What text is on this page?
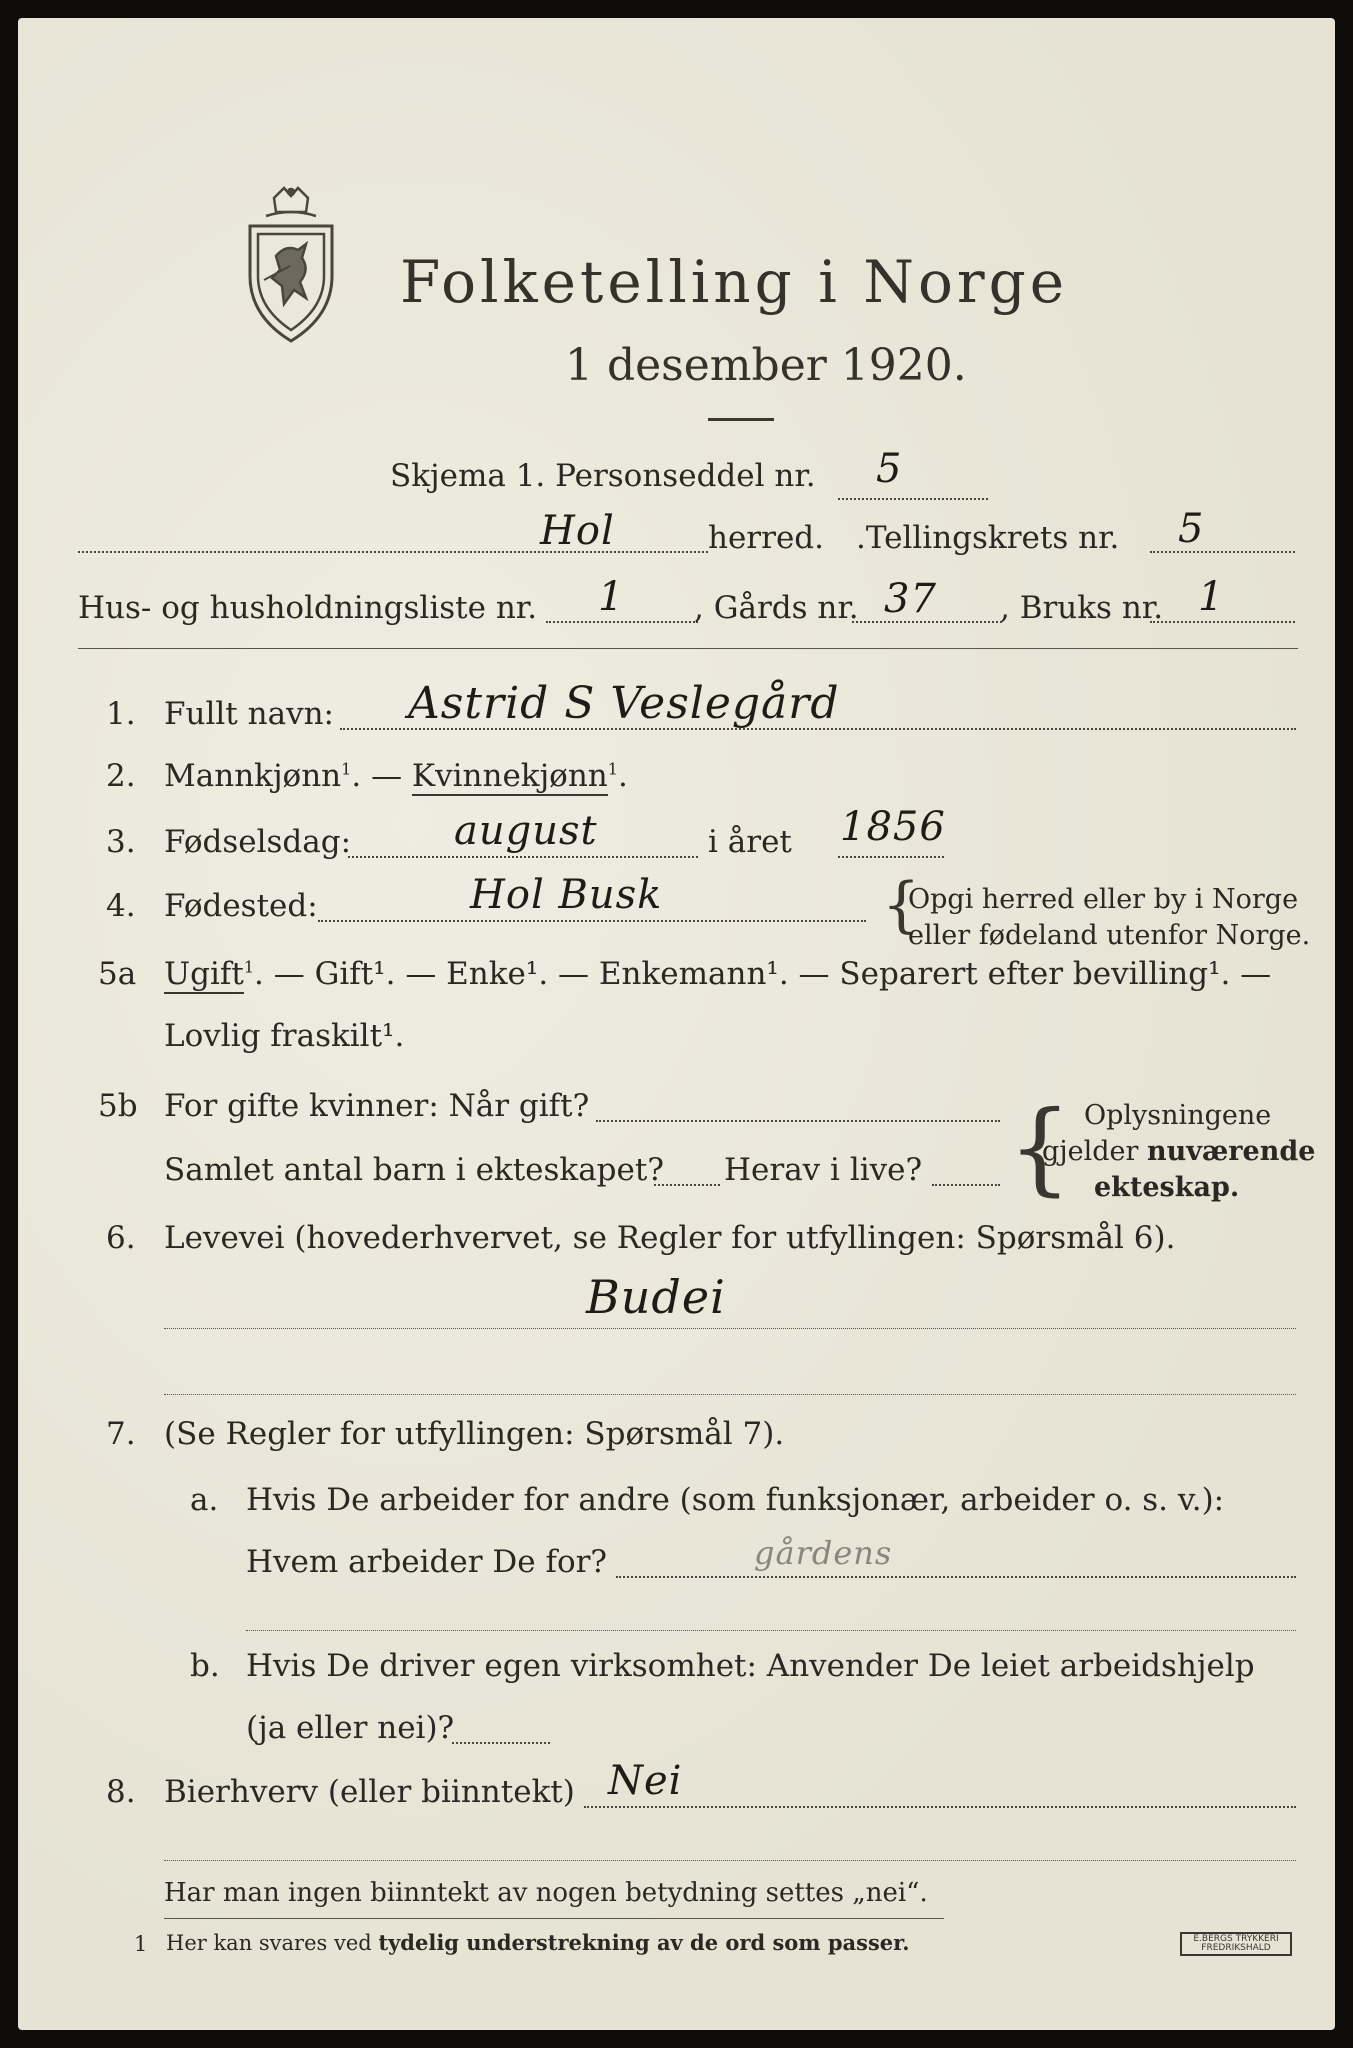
Folketelling i Norge
1 desember 1920.
Skjema 1. Personseddel nr. 5
Hol	herred. .Tellingskrets nr. 5
Hus- og husholdningsliste nr. 1 , Gårds nr. 37 , Bruks nr. 1
1. Fullt navn: Astrid S Veslegård
2. Mannkjønn$^1$. — Kvinnekjønn$^1$.
3. Fødselsdag:	august	i året 1856
4. Fødested:	Hol Busk	{
Opgi herred eller by i Norge
eller fødeland utenfor Norge.
5a Ugift$^1$. — Gift¹. — Enke¹. — Enkemann¹. — Separert efter bevilling¹. —
Lovlig fraskilt¹.
5b For gifte kvinner: Når gift?
Samlet antal barn i ekteskapet? Herav i live? { Oplysningene
gjelder nuværende
ekteskap.
6. Levevei (hovederhvervet, se Regler for utfyllingen: Spørsmål 6).
Budei
7. (Se Regler for utfyllingen: Spørsmål 7).
a. Hvis De arbeider for andre (som funksjonær, arbeider o. s. v.):
Hvem arbeider De for?	gårdens
b. Hvis De driver egen virksomhet: Anvender De leiet arbeidshjelp
(ja eller nei)?
8. Bierhverv (eller biinntekt) Nei
Har man ingen biinntekt av nogen betydning settes „nei“.
1 Her kan svares ved tydelig understrekning av de ord som passer.	E.BERGS TRYKKERI
FREDRIKSHALD
